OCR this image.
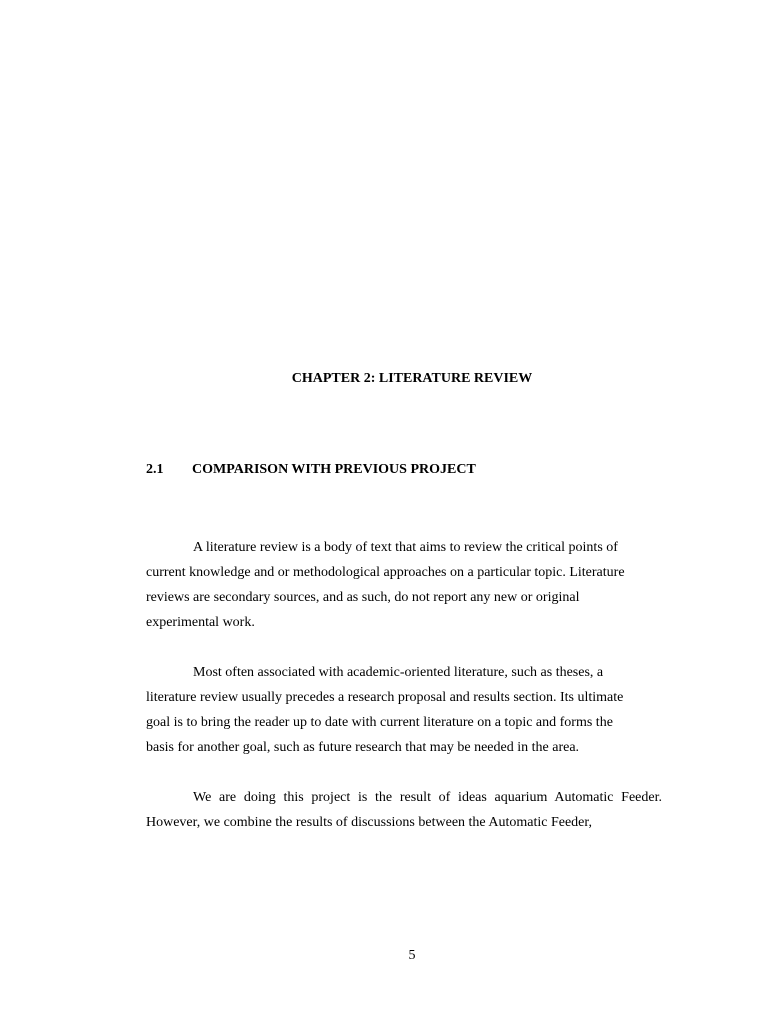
CHAPTER 2: LITERATURE REVIEW
2.1 COMPARISON WITH PREVIOUS PROJECT
A literature review is a body of text that aims to review the critical points of
current knowledge and or methodological approaches on a particular topic. Literature
reviews are secondary sources, and as such, do not report any new or original
experimental work.
Most often associated with academic-oriented literature, such as theses, a
literature review usually precedes a research proposal and results section. Its ultimate
goal is to bring the reader up to date with current literature on a topic and forms the
basis for another goal, such as future research that may be needed in the area.
We are doing this project is the result of ideas aquarium Automatic Feeder.
However, we combine the results of discussions between the Automatic Feeder,
5
